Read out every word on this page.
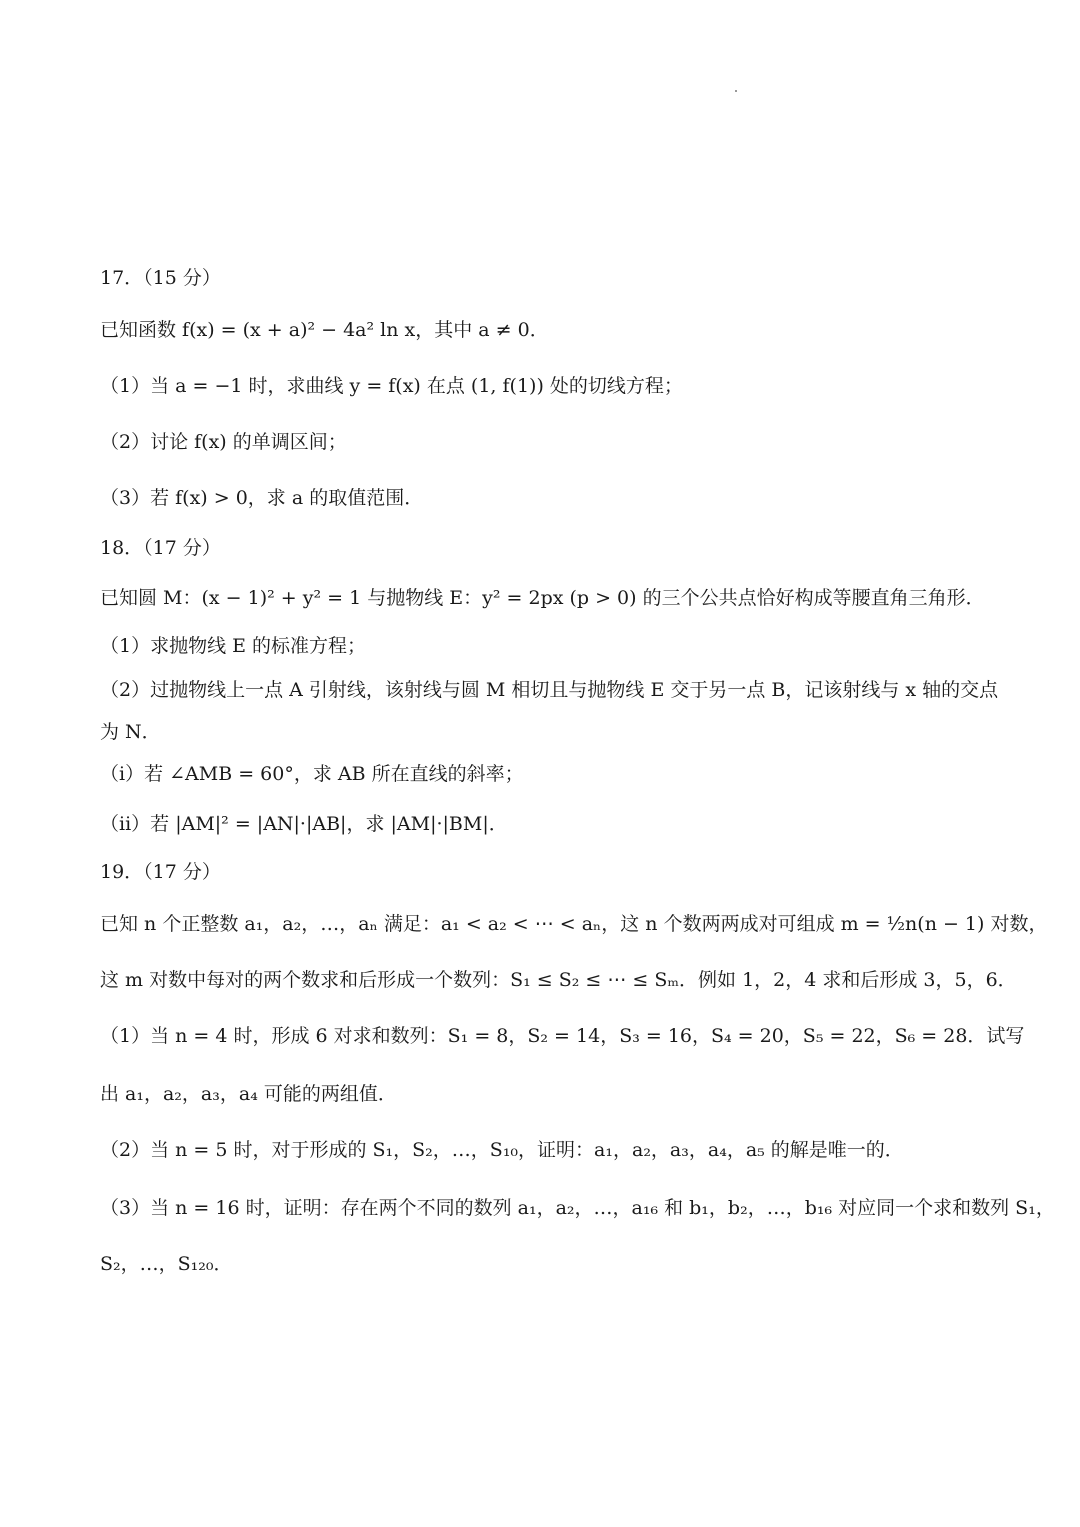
17．（15 分）
已知函数 f(x) = (x + a)² − 4a² ln x，其中 a ≠ 0．
（1）当 a = −1 时，求曲线 y = f(x) 在点 (1, f(1)) 处的切线方程；
（2）讨论 f(x) 的单调区间；
（3）若 f(x) > 0，求 a 的取值范围．
18．（17 分）
已知圆 M：(x − 1)² + y² = 1 与抛物线 E：y² = 2px (p > 0) 的三个公共点恰好构成等腰直角三角形．
（1）求抛物线 E 的标准方程；
（2）过抛物线上一点 A 引射线，该射线与圆 M 相切且与抛物线 E 交于另一点 B，记该射线与 x 轴的交点
为 N．
（i）若 ∠AMB = 60°，求 AB 所在直线的斜率；
（ii）若 |AM|² = |AN|·|AB|，求 |AM|·|BM|．
19．（17 分）
已知 n 个正整数 a₁，a₂，…，aₙ 满足：a₁ < a₂ < ⋯ < aₙ，这 n 个数两两成对可组成 m = ½n(n − 1) 对数，
这 m 对数中每对的两个数求和后形成一个数列：S₁ ≤ S₂ ≤ ⋯ ≤ Sₘ．例如 1，2，4 求和后形成 3，5，6．
（1）当 n = 4 时，形成 6 对求和数列：S₁ = 8，S₂ = 14，S₃ = 16，S₄ = 20，S₅ = 22，S₆ = 28．试写
出 a₁，a₂，a₃，a₄ 可能的两组值．
（2）当 n = 5 时，对于形成的 S₁，S₂，…，S₁₀，证明：a₁，a₂，a₃，a₄，a₅ 的解是唯一的．
（3）当 n = 16 时，证明：存在两个不同的数列 a₁，a₂，…，a₁₆ 和 b₁，b₂，…，b₁₆ 对应同一个求和数列 S₁，
S₂，…，S₁₂₀．
